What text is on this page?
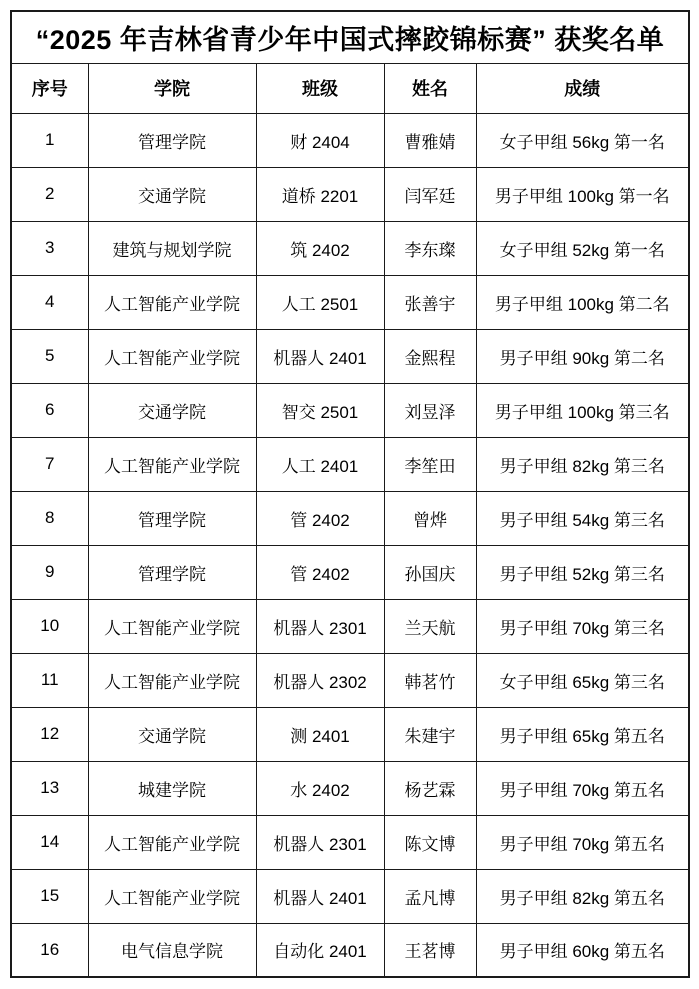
“2025 年吉林省青少年中国式摔跤锦标赛” 获奖名单				
序号	学院	班级	姓名	成绩
1	管理学院	财 2404	曹雅婧	女子甲组 56kg 第一名
2	交通学院	道桥 2201	闫军廷	男子甲组 100kg 第一名
3	建筑与规划学院	筑 2402	李东璨	女子甲组 52kg 第一名
4	人工智能产业学院	人工 2501	张善宇	男子甲组 100kg 第二名
5	人工智能产业学院	机器人 2401	金熙程	男子甲组 90kg 第二名
6	交通学院	智交 2501	刘昱泽	男子甲组 100kg 第三名
7	人工智能产业学院	人工 2401	李笙田	男子甲组 82kg 第三名
8	管理学院	管 2402	曾烨	男子甲组 54kg 第三名
9	管理学院	管 2402	孙国庆	男子甲组 52kg 第三名
10	人工智能产业学院	机器人 2301	兰天航	男子甲组 70kg 第三名
11	人工智能产业学院	机器人 2302	韩茗竹	女子甲组 65kg 第三名
12	交通学院	测 2401	朱建宇	男子甲组 65kg 第五名
13	城建学院	水 2402	杨艺霖	男子甲组 70kg 第五名
14	人工智能产业学院	机器人 2301	陈文博	男子甲组 70kg 第五名
15	人工智能产业学院	机器人 2401	孟凡博	男子甲组 82kg 第五名
16	电气信息学院	自动化 2401	王茗博	男子甲组 60kg 第五名
